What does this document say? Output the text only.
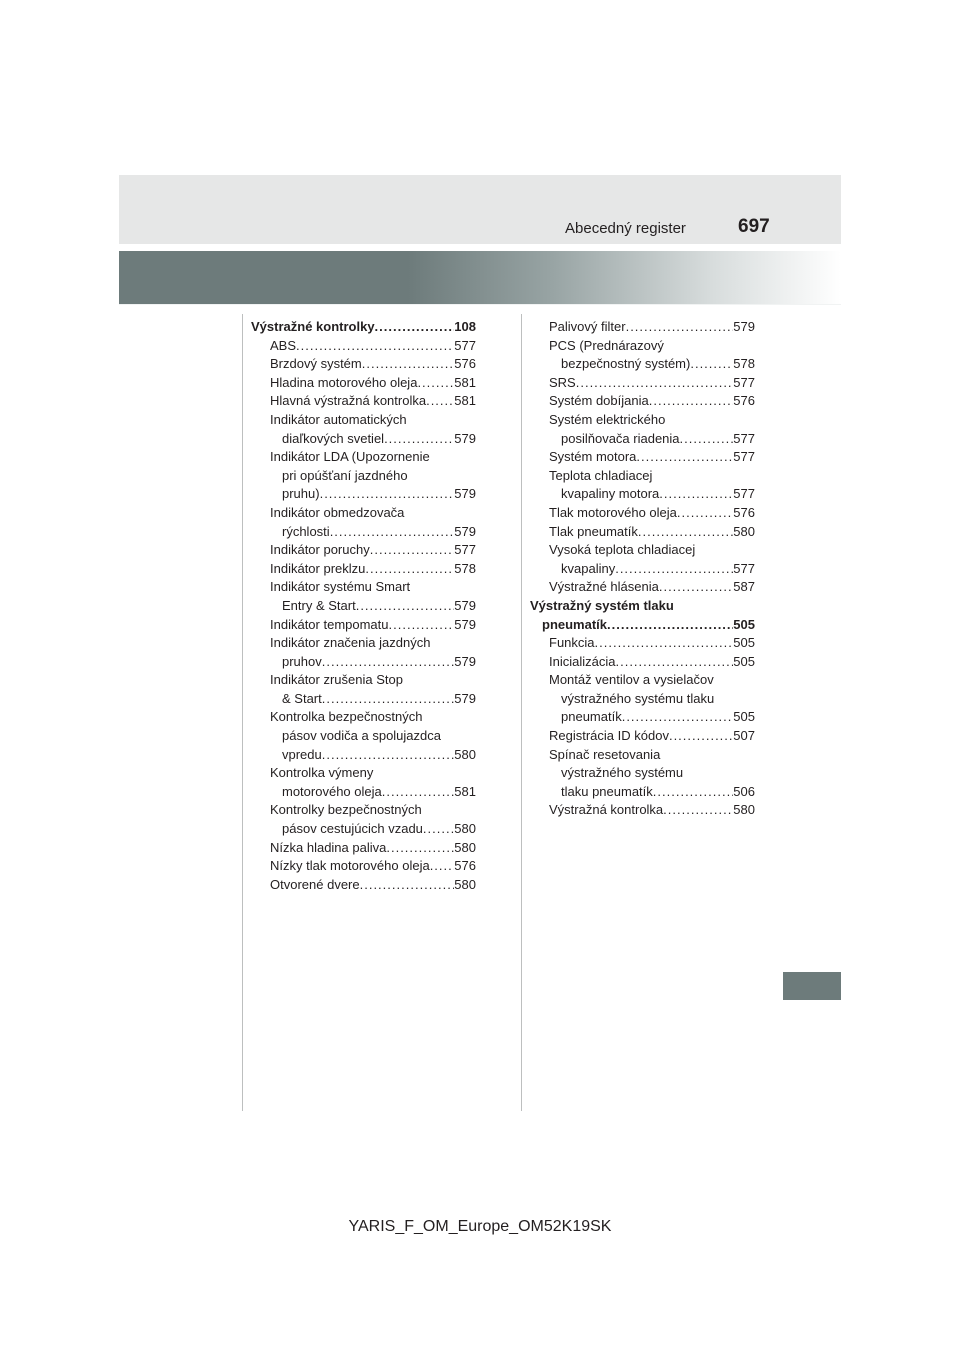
Abecedný register	697
Výstražné kontrolky .....	108
ABS .....	577
Brzdový systém .....	576
Hladina motorového oleja .....	581
Hlavná výstražná kontrolka ..... 581
Indikátor automatických
diaľkových svetiel .....	579
Indikátor LDA (Upozornenie
pri opúšťaní jazdného
pruhu) .....	579
Indikátor obmedzovača
rýchlosti .....	579
Indikátor poruchy .....	577
Indikátor preklzu .....	578
Indikátor systému Smart
Entry & Start .....	579
Indikátor tempomatu .....	579
Indikátor značenia jazdných
pruhov .....	579
Indikátor zrušenia Stop
& Start .....	579
Kontrolka bezpečnostných
pásov vodiča a spolujazdca
vpredu .....	580
Kontrolka výmeny
motorového oleja .....	581
Kontrolky bezpečnostných
pásov cestujúcich vzadu ..... 580
Nízka hladina paliva .....	580
Nízky tlak motorového oleja ..... 576
Otvorené dvere .....	580
Palivový filter .....	579
PCS (Prednárazový
bezpečnostný systém) .....	578
SRS .....	577
Systém dobíjania .....	576
Systém elektrického
posilňovača riadenia .....	577
Systém motora .....	577
Teplota chladiacej
kvapaliny motora .....	577
Tlak motorového oleja .....	576
Tlak pneumatík .....	580
Vysoká teplota chladiacej
kvapaliny .....	577
Výstražné hlásenia .....	587
Výstražný systém tlaku
pneumatík .....	505
Funkcia .....	505
Inicializácia .....	505
Montáž ventilov a vysielačov
výstražného systému tlaku
pneumatík .....	505
Registrácia ID kódov .....	507
Spínač resetovania
výstražného systému
tlaku pneumatík .....	506
Výstražná kontrolka .....	580
YARIS_F_OM_Europe_OM52K19SK
